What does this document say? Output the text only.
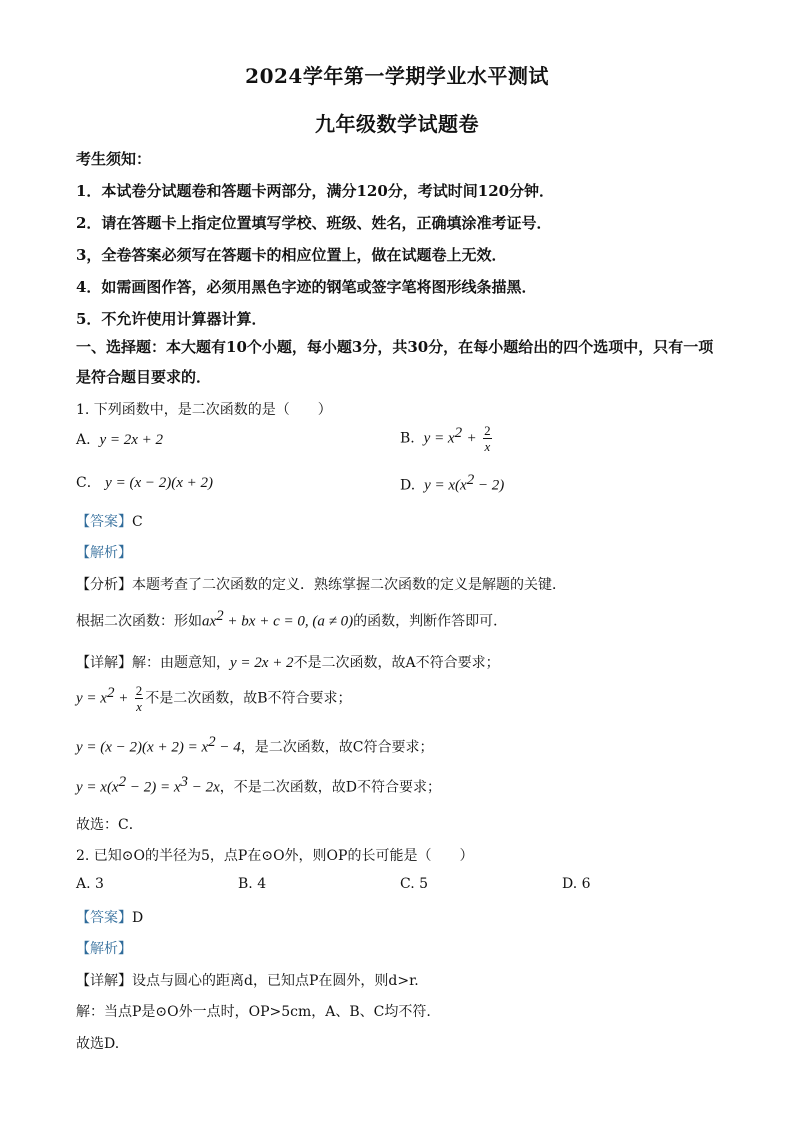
2024学年第一学期学业水平测试
九年级数学试题卷
考生须知：
1．本试卷分试题卷和答题卡两部分，满分120分，考试时间120分钟．
2．请在答题卡上指定位置填写学校、班级、姓名，正确填涂准考证号．
3，全卷答案必须写在答题卡的相应位置上，做在试题卷上无效．
4．如需画图作答，必须用黑色字迹的钢笔或签字笔将图形线条描黑．
5．不允许使用计算器计算．
一、选择题：本大题有10个小题，每小题3分，共30分，在每小题给出的四个选项中，只有一项是符合题目要求的．
1. 下列函数中，是二次函数的是（　　）
A. y = 2x + 2	B. $y = x^2 + \frac{2}{x}$
C． y = (x − 2)(x + 2)	D. $y = x(x^2 - 2)$
【答案】C
【解析】
【分析】本题考查了二次函数的定义．熟练掌握二次函数的定义是解题的关键．
根据二次函数：形如$ax^2$ + bx + c = 0, (a ≠ 0)的函数，判断作答即可．
【详解】解：由题意知，y = 2x + 2不是二次函数，故A不符合要求；
$y = x^2 + \frac{2}{x}$ 不是二次函数，故B不符合要求；
$y = (x - 2)(x + 2) = x^2 - 4$，是二次函数，故C符合要求；
$y = x(x^2 - 2) = x^3 - 2x$，不是二次函数，故D不符合要求；
故选：C．
2. 已知⊙O的半径为5，点P在⊙O外，则OP的长可能是（　　）
A. 3	B. 4	C. 5	D. 6
【答案】D
【解析】
【详解】设点与圆心的距离d，已知点P在圆外，则d>r.
解：当点P是⊙O外一点时，OP>5cm，A、B、C均不符.
故选D.
